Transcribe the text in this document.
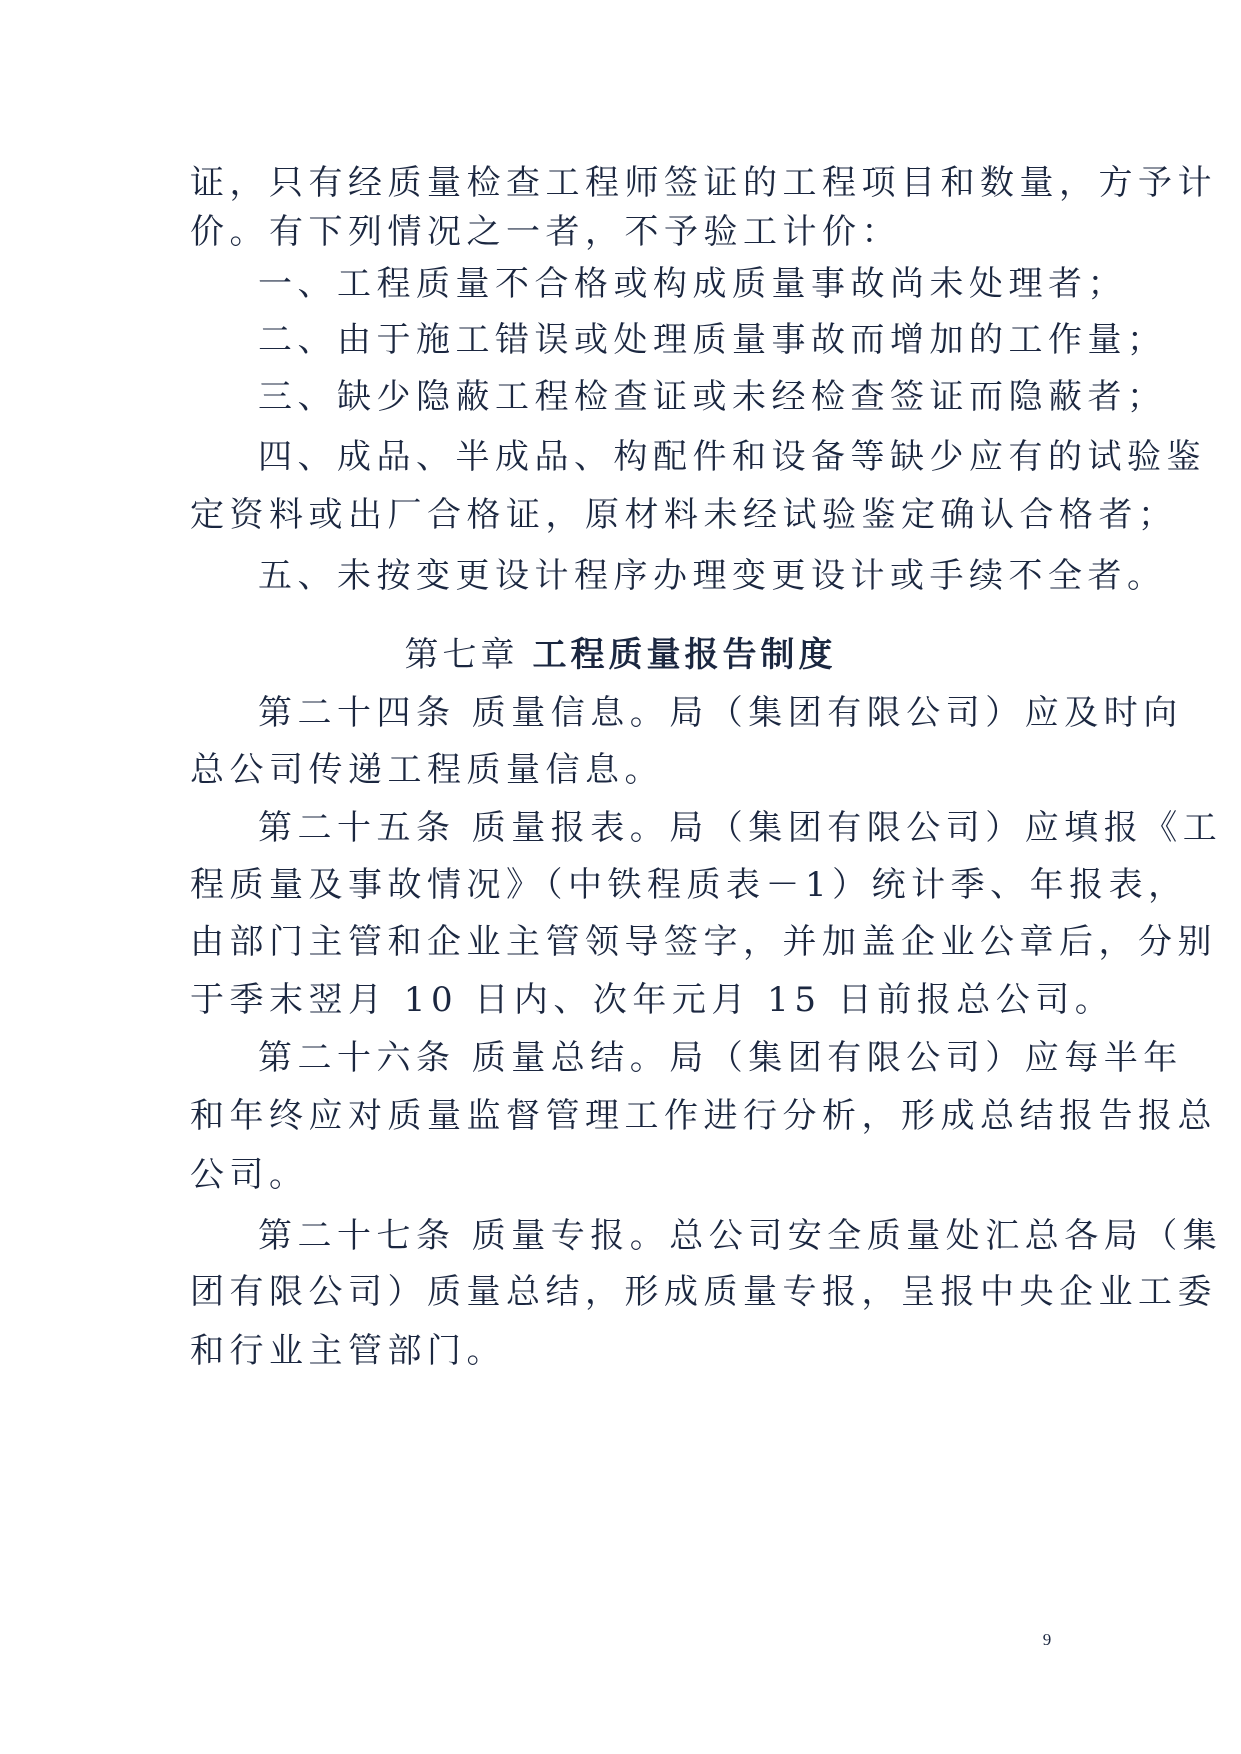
证，只有经质量检查工程师签证的工程项目和数量，方予计
价。有下列情况之一者，不予验工计价：
一、工程质量不合格或构成质量事故尚未处理者；
二、由于施工错误或处理质量事故而增加的工作量；
三、缺少隐蔽工程检查证或未经检查签证而隐蔽者；
四、成品、半成品、构配件和设备等缺少应有的试验鉴
定资料或出厂合格证，原材料未经试验鉴定确认合格者；
五、未按变更设计程序办理变更设计或手续不全者。
第七章 工程质量报告制度
第二十四条 质量信息。局（集团有限公司）应及时向
总公司传递工程质量信息。
第二十五条 质量报表。局（集团有限公司）应填报《工
程质量及事故情况》（中铁程质表－1）统计季、年报表，
由部门主管和企业主管领导签字，并加盖企业公章后，分别
于季末翌月 10 日内、次年元月 15 日前报总公司。
第二十六条 质量总结。局（集团有限公司）应每半年
和年终应对质量监督管理工作进行分析，形成总结报告报总
公司。
第二十七条 质量专报。总公司安全质量处汇总各局（集
团有限公司）质量总结，形成质量专报，呈报中央企业工委
和行业主管部门。
9
